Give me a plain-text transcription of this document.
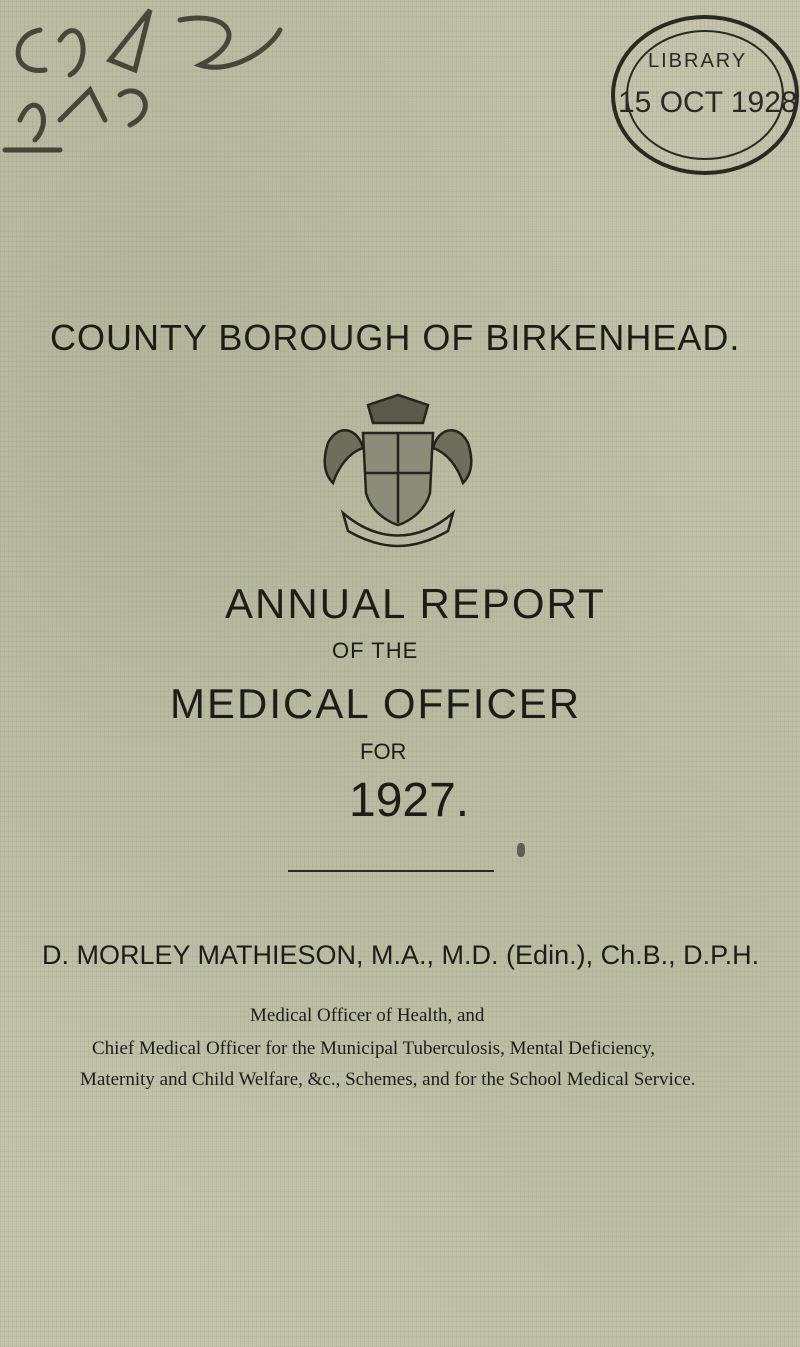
LIBRARY
15 OCT 1928
COUNTY BOROUGH OF BIRKENHEAD.
ANNUAL REPORT
OF THE
MEDICAL OFFICER
FOR
1927.
D. MORLEY MATHIESON, M.A., M.D. (Edin.), Ch.B., D.P.H.
Medical Officer of Health, and
Chief Medical Officer for the Municipal Tuberculosis, Mental Deficiency,
Maternity and Child Welfare, &c., Schemes, and for the School Medical Service.
